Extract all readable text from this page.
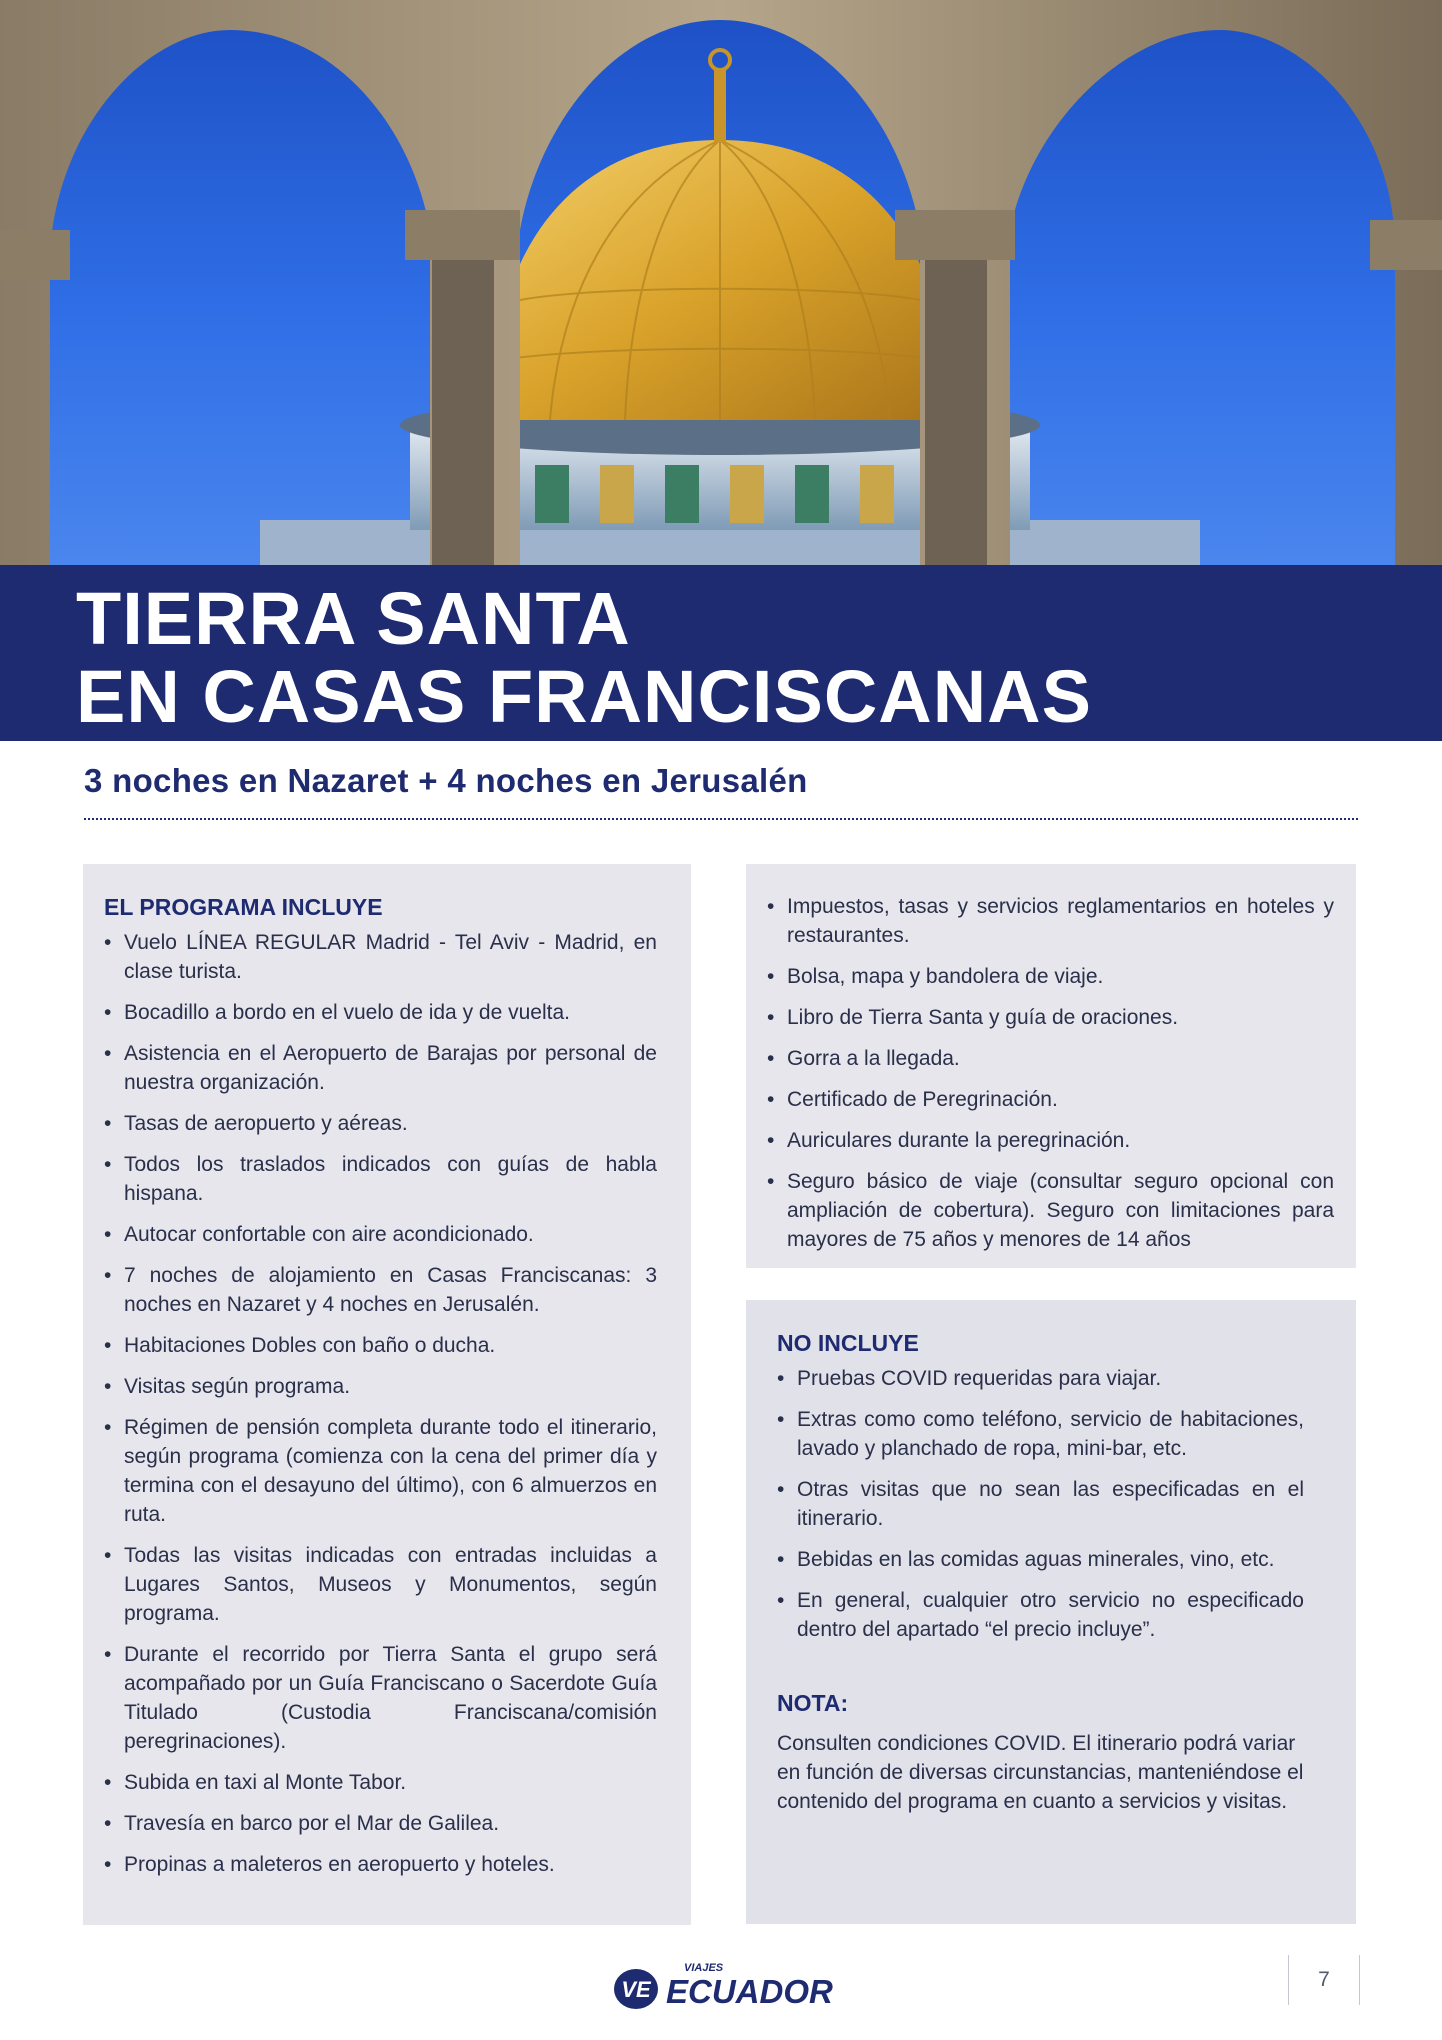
TIERRA SANTA
EN CASAS FRANCISCANAS
3 noches en Nazaret + 4 noches en Jerusalén
EL PROGRAMA INCLUYE
• Vuelo LÍNEA REGULAR Madrid - Tel Aviv - Madrid, en clase turista.
• Bocadillo a bordo en el vuelo de ida y de vuelta.
• Asistencia en el Aeropuerto de Barajas por personal de nuestra organización.
• Tasas de aeropuerto y aéreas.
• Todos los traslados indicados con guías de habla hispana.
• Autocar confortable con aire acondicionado.
• 7 noches de alojamiento en Casas Franciscanas: 3 noches en Nazaret y 4 noches en Jerusalén.
• Habitaciones Dobles con baño o ducha.
• Visitas según programa.
• Régimen de pensión completa durante todo el itinerario, según programa (comienza con la cena del primer día y termina con el desayuno del último), con 6 almuerzos en ruta.
• Todas las visitas indicadas con entradas incluidas a Lugares Santos, Museos y Monumentos, según programa.
• Durante el recorrido por Tierra Santa el grupo será acompañado por un Guía Franciscano o Sacerdote Guía Titulado (Custodia Franciscana/comisión peregrinaciones).
• Subida en taxi al Monte Tabor.
• Travesía en barco por el Mar de Galilea.
• Propinas a maleteros en aeropuerto y hoteles.
• Impuestos, tasas y servicios reglamentarios en hoteles y restaurantes.
• Bolsa, mapa y bandolera de viaje.
• Libro de Tierra Santa y guía de oraciones.
• Gorra a la llegada.
• Certificado de Peregrinación.
• Auriculares durante la peregrinación.
• Seguro básico de viaje (consultar seguro opcional con ampliación de cobertura). Seguro con limitaciones para mayores de 75 años y menores de 14 años
NO INCLUYE
• Pruebas COVID requeridas para viajar.
• Extras como como teléfono, servicio de habitaciones, lavado y planchado de ropa, mini-bar, etc.
• Otras visitas que no sean las especificadas en el itinerario.
• Bebidas en las comidas aguas minerales, vino, etc.
• En general, cualquier otro servicio no especificado dentro del apartado “el precio incluye”.
NOTA:

Consulten condiciones COVID. El itinerario podrá variar en función de diversas circunstancias, manteniéndose el contenido del programa en cuanto a servicios y visitas.

VE
VIAJES
ECUADOR	7
